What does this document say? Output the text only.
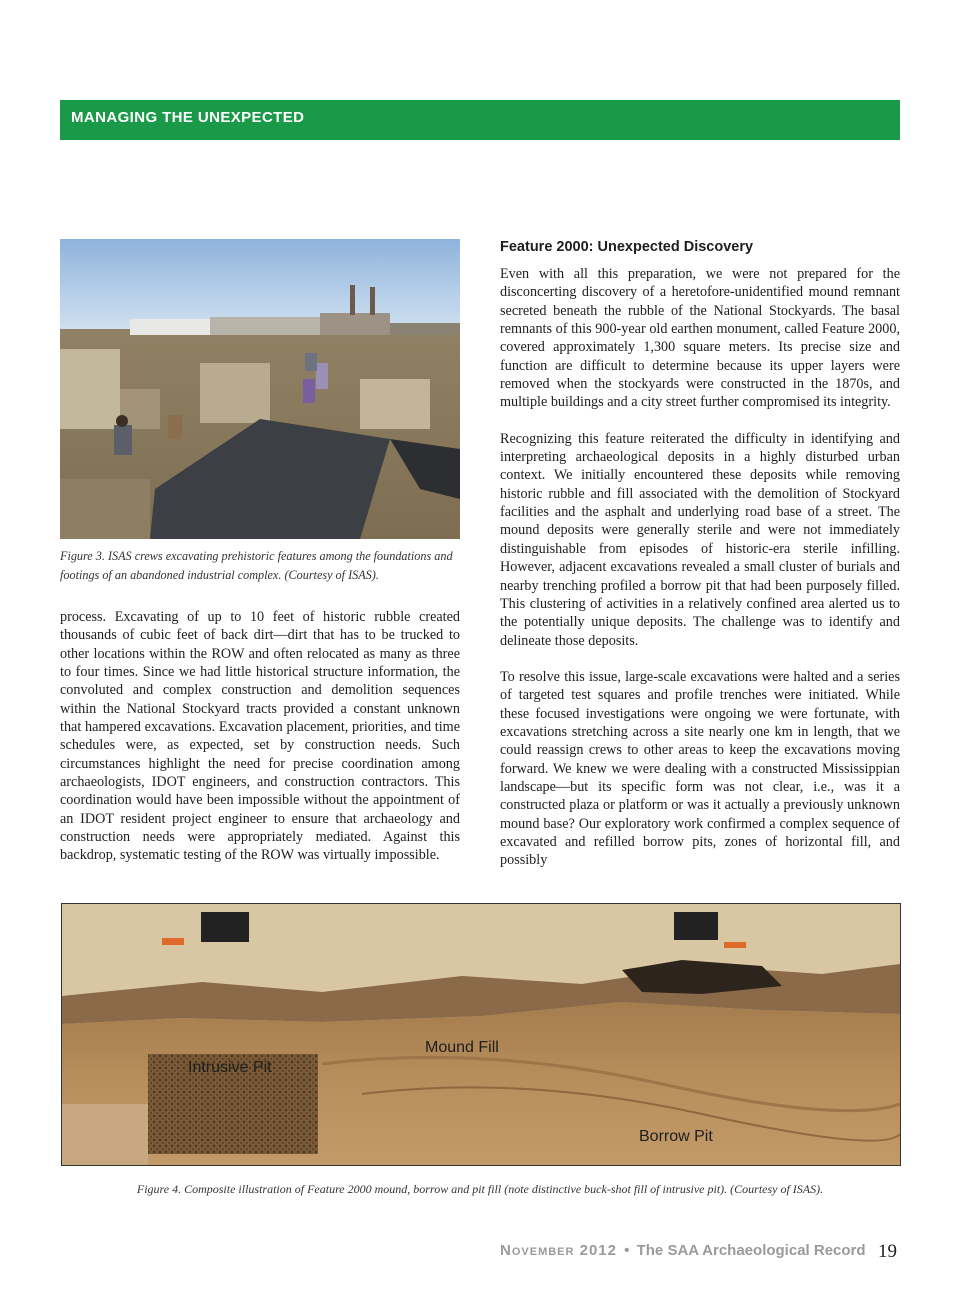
MANAGING THE UNEXPECTED
Figure 3. ISAS crews excavating prehistoric features among the foundations and footings of an abandoned industrial complex. (Courtesy of ISAS).

process. Excavating of up to 10 feet of historic rubble created thousands of cubic feet of back dirt—dirt that has to be trucked to other locations within the ROW and often relocated as many as three to four times. Since we had little historical structure information, the convoluted and complex construction and demolition sequences within the National Stockyard tracts provided a constant unknown that hampered excavations. Excavation placement, priorities, and time schedules were, as expected, set by construction needs. Such circumstances highlight the need for precise coordination among archaeologists, IDOT engineers, and construction contractors. This coordination would have been impossible without the appointment of an IDOT resident project engineer to ensure that archaeology and construction needs were appropriately mediated. Against this backdrop, systematic testing of the ROW was virtually impossible.

Feature 2000: Unexpected Discovery

Even with all this preparation, we were not prepared for the disconcerting discovery of a heretofore-unidentified mound remnant secreted beneath the rubble of the National Stockyards. The basal remnants of this 900-year old earthen monument, called Feature 2000, covered approximately 1,300 square meters. Its precise size and function are difficult to determine because its upper layers were removed when the stockyards were constructed in the 1870s, and multiple buildings and a city street further compromised its integrity.

Recognizing this feature reiterated the difficulty in identifying and interpreting archaeological deposits in a highly disturbed urban context. We initially encountered these deposits while removing historic rubble and fill associated with the demolition of Stockyard facilities and the asphalt and underlying road base of a street. The mound deposits were generally sterile and were not immediately distinguishable from episodes of historic-era sterile infilling. However, adjacent excavations revealed a small cluster of burials and nearby trenching profiled a borrow pit that had been purposely filled. This clustering of activities in a relatively confined area alerted us to the potentially unique deposits. The challenge was to identify and delineate those deposits.

To resolve this issue, large-scale excavations were halted and a series of targeted test squares and profile trenches were initiated. While these focused investigations were ongoing we were fortunate, with excavations stretching across a site nearly one km in length, that we could reassign crews to other areas to keep the excavations moving forward. We knew we were dealing with a constructed Mississippian landscape—but its specific form was not clear, i.e., was it a constructed plaza or platform or was it actually a previously unknown mound base? Our exploratory work confirmed a complex sequence of excavated and refilled borrow pits, zones of horizontal fill, and possibly

Intrusive Pit
Mound Fill
Borrow Pit
Figure 4. Composite illustration of Feature 2000 mound, borrow and pit fill (note distinctive buck-shot fill of intrusive pit). (Courtesy of ISAS).
November 2012 • The SAA Archaeological Record 19
